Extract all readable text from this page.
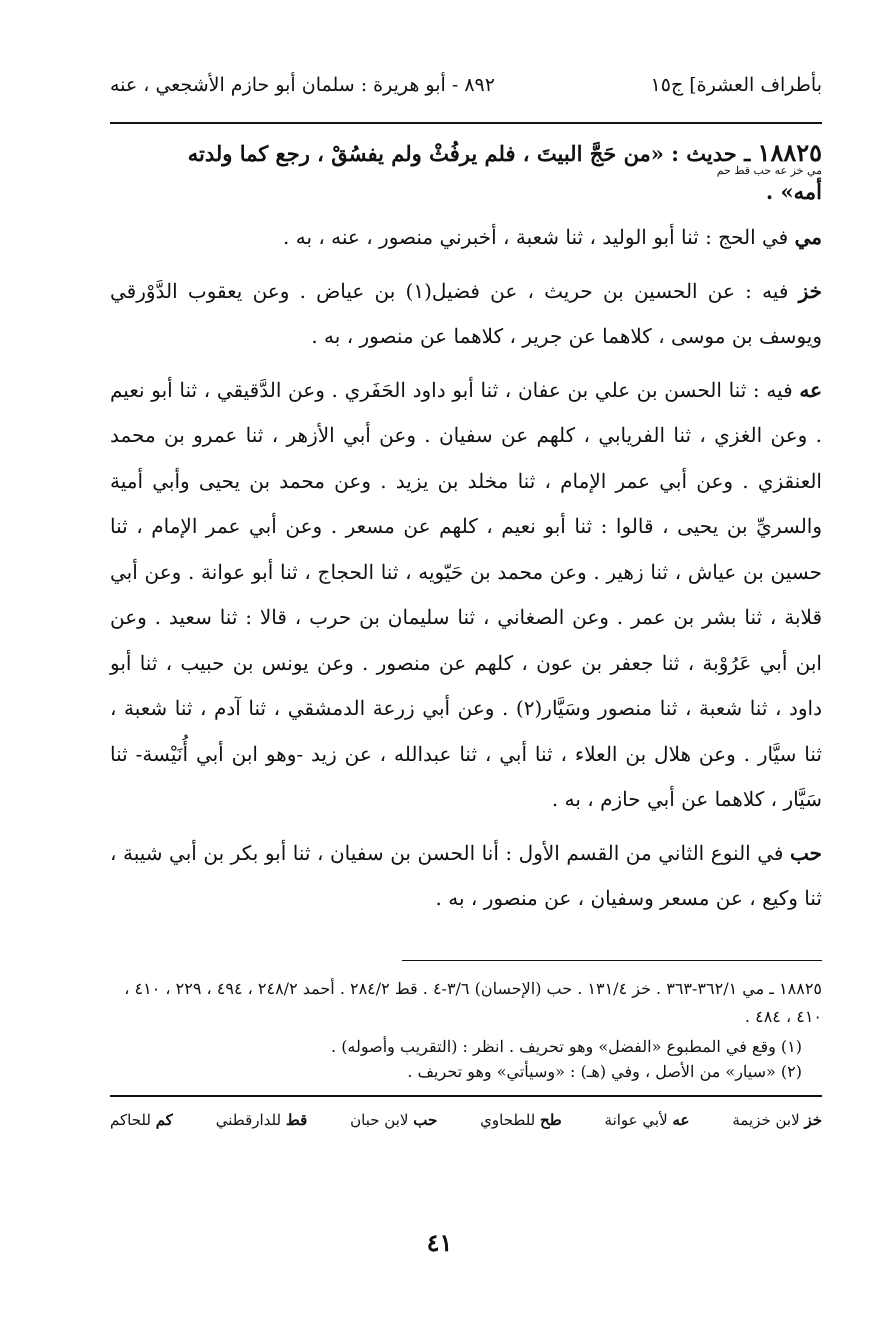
بأطراف العشرة] ج١٥
٨٩٢ - أبو هريرة : سلمان أبو حازم الأشجعي ، عنه
١٨٨٢٥ ـ حديث : «من حَجَّ البيتَ ، فلم يرفُثْ ولم يفسُقْ ، رجع كما ولدته
مي خز عه حب قط حم
أمه» .

مي في الحج : ثنا أبو الوليد ، ثنا شعبة ، أخبرني منصور ، عنه ، به .

خز فيه : عن الحسين بن حريث ، عن فضيل(١) بن عياض . وعن يعقوب الدَّوْرقي ويوسف بن موسى ، كلاهما عن جرير ، كلاهما عن منصور ، به .

عه فيه : ثنا الحسن بن علي بن عفان ، ثنا أبو داود الحَفَري . وعن الدَّقيقي ، ثنا أبو نعيم . وعن الغزي ، ثنا الفريابي ، كلهم عن سفيان . وعن أبي الأزهر ، ثنا عمرو بن محمد العنقزي . وعن أبي عمر الإمام ، ثنا مخلد بن يزيد . وعن محمد بن يحيى وأبي أمية والسريِّ بن يحيى ، قالوا : ثنا أبو نعيم ، كلهم عن مسعر . وعن أبي عمر الإمام ، ثنا حسين بن عياش ، ثنا زهير . وعن محمد بن حَيّويه ، ثنا الحجاج ، ثنا أبو عوانة . وعن أبي قلابة ، ثنا بشر بن عمر . وعن الصغاني ، ثنا سليمان بن حرب ، قالا : ثنا سعيد . وعن ابن أبي عَرُوْبة ، ثنا جعفر بن عون ، كلهم عن منصور . وعن يونس بن حبيب ، ثنا أبو داود ، ثنا شعبة ، ثنا منصور وسَيَّار(٢) . وعن أبي زرعة الدمشقي ، ثنا آدم ، ثنا شعبة ، ثنا سيَّار . وعن هلال بن العلاء ، ثنا أبي ، ثنا عبدالله ، عن زيد -وهو ابن أبي أُنَيْسة- ثنا سَيَّار ، كلاهما عن أبي حازم ، به .

حب في النوع الثاني من القسم الأول : أنا الحسن بن سفيان ، ثنا أبو بكر بن أبي شيبة ، ثنا وكيع ، عن مسعر وسفيان ، عن منصور ، به .

١٨٨٢٥ ـ مي ٣٦٢/١-٣٦٣ . خز ١٣١/٤ . حب (الإحسان) ٣/٦-٤ . قط ٢٨٤/٢ . أحمد ٢٤٨/٢ ، ٤٩٤ ، ٢٢٩ ، ٤١٠ ، ٤١٠ ، ٤٨٤ .
(١) وقع في المطبوع «الفضل» وهو تحريف . انظر : (التقريب وأصوله) .
(٢) «سيار» من الأصل ، وفي (هـ) : «وسيأتي» وهو تحريف .
خز لابن خزيمة
عه لأبي عوانة
طح للطحاوي
حب لابن حبان
قط للدارقطني
كم للحاكم
٤١
